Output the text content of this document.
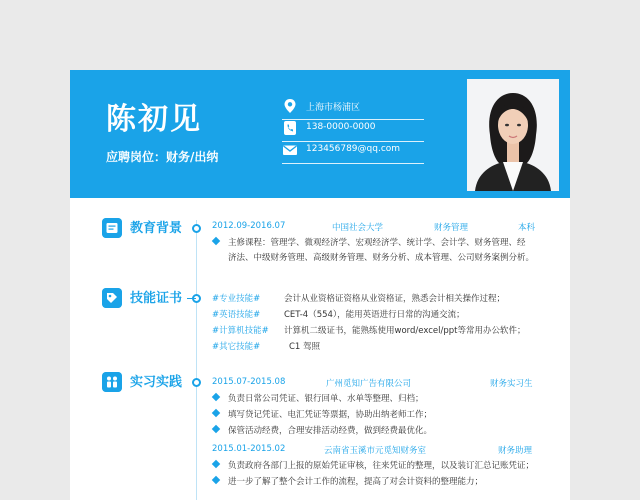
陈初见
应聘岗位：财务/出纳
上海市杨浦区
138-0000-0000
123456789@qq.com
教育背景	2012.09-2016.07	中国社会大学	财务管理	本科
主修课程：管理学、微观经济学、宏观经济学、统计学、会计学、财务管理、经
济法、中级财务管理、高级财务管理、财务分析、成本管理、公司财务案例分析。
技能证书	#专业技能#	会计从业资格证资格从业资格证，熟悉会计相关操作过程；
#英语技能#	CET-4（554），能用英语进行日常的沟通交流；
#计算机技能# 计算机二级证书，能熟练使用word/excel/ppt等常用办公软件；
#其它技能#	C1 驾照
实习实践	2015.07-2015.08	广州觅知广告有限公司	财务实习生
负责日常公司凭证、银行回单、水单等整理、归档；
填写贷记凭证、电汇凭证等票据，协助出纳老师工作；
保管活动经费，合理安排活动经费，做到经费最优化。
2015.01-2015.02	云南省玉溪市元觅知财务室	财务助理
负责政府各部门上报的原始凭证审核，往来凭证的整理，以及装订汇总记账凭证；
进一步了解了整个会计工作的流程，提高了对会计资料的整理能力；
